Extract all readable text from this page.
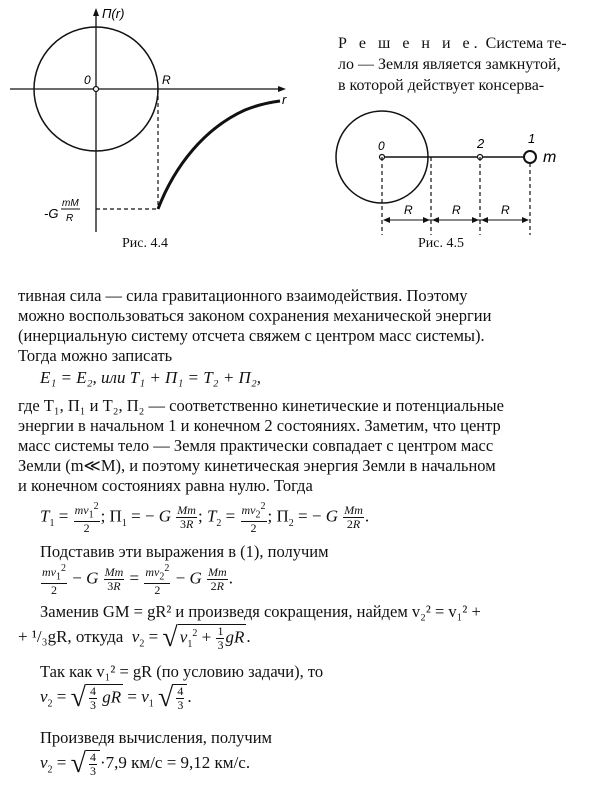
П(r)
0	R
r
-G
mM
R
Рис. 4.4

Р е ш е н и е. Система те-

ло — Земля является замкнутой,

в которой действует консерва-

0	2	1
m
R	R	R
Рис. 4.5

тивная сила — сила гравитационного взаимодействия. Поэтому

можно воспользоваться законом сохранения механической энергии

(инерциальную систему отсчета свяжем с центром масс системы).

Тогда можно записать

E₁ = E₂, или T₁ + П₁ = T₂ + П₂,

где T₁, П₁ и T₂, П₂ — соответственно кинетические и потенциальные

энергии в начальном 1 и конечном 2 состояниях. Заметим, что центр

масс системы тело — Земля практически совпадает с центром масс

Земли (m≪M), и поэтому кинетическая энергия Земли в начальном

и конечном состояниях равна нулю. Тогда

$T_1 = \frac{mv_1^2}{2}$ ; $П_1$ = − G $\frac{Mm}{3R}$ ; $T_2 = \frac{mv_2^2}{2}$ ; $П_2$ = − G $\frac{Mm}{2R}$ .

Подставив эти выражения в (1), получим

$\frac{mv_1^2}{2} - G \frac{Mm}{3R} = \frac{mv_2^2}{2} - G \frac{Mm}{2R}$ .

Заменив GM = gR² и произведя сокращения, найдем v₂² = v₁² +

+ ¹/₃gR, откуда $v_2$ = √ $v_1^2 + \frac{1}{3}$ gR .

Так как v₁² = gR (по условию задачи), то

$v_2$ = √ $\frac{4}{3}$ gR = $v_1$ √ $\frac{4}{3}$ .

Произведя вычисления, получим

$v_2$ = √ $\frac{4}{3} \cdot 7,9$ км/с = 9,12 км/с.
